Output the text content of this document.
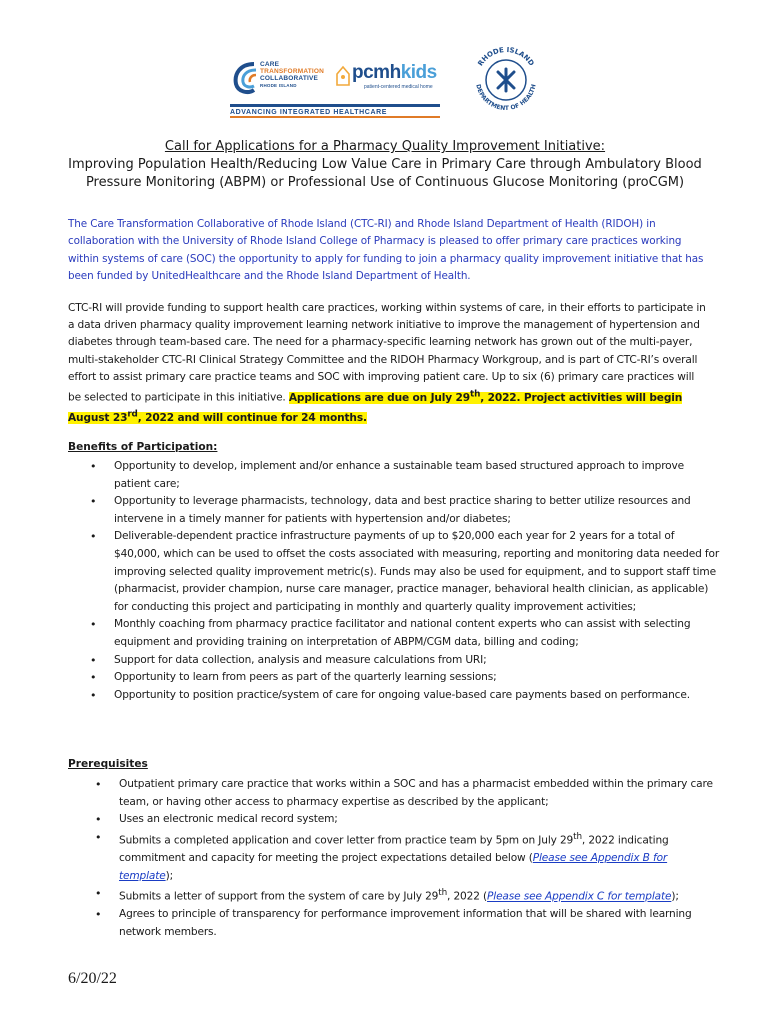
CARE
TRANSFORMATION
COLLABORATIVE
RHODE ISLAND
ADVANCING INTEGRATED HEALTHCARE
pcmhkids
patient-centered medical home
RHODE ISLAND
DEPARTMENT OF HEALTH
Call for Applications for a Pharmacy Quality Improvement Initiative:
Improving Population Health/Reducing Low Value Care in Primary Care through Ambulatory Blood Pressure Monitoring (ABPM) or Professional Use of Continuous Glucose Monitoring (proCGM)
The Care Transformation Collaborative of Rhode Island (CTC-RI) and Rhode Island Department of Health (RIDOH) in collaboration with the University of Rhode Island College of Pharmacy is pleased to offer primary care practices working within systems of care (SOC) the opportunity to apply for funding to join a pharmacy quality improvement initiative that has been funded by UnitedHealthcare and the Rhode Island Department of Health.
CTC-RI will provide funding to support health care practices, working within systems of care, in their efforts to participate in a data driven pharmacy quality improvement learning network initiative to improve the management of hypertension and diabetes through team-based care. The need for a pharmacy-specific learning network has grown out of the multi-payer, multi-stakeholder CTC-RI Clinical Strategy Committee and the RIDOH Pharmacy Workgroup, and is part of CTC-RI’s overall effort to assist primary care practice teams and SOC with improving patient care. Up to six (6) primary care practices will be selected to participate in this initiative. Applications are due on July 29th, 2022. Project activities will begin August 23rd, 2022 and will continue for 24 months.
Benefits of Participation:
• Opportunity to develop, implement and/or enhance a sustainable team based structured approach to improve patient care;
• Opportunity to leverage pharmacists, technology, data and best practice sharing to better utilize resources and intervene in a timely manner for patients with hypertension and/or diabetes;
• Deliverable-dependent practice infrastructure payments of up to $20,000 each year for 2 years for a total of $40,000, which can be used to offset the costs associated with measuring, reporting and monitoring data needed for improving selected quality improvement metric(s). Funds may also be used for equipment, and to support staff time (pharmacist, provider champion, nurse care manager, practice manager, behavioral health clinician, as applicable) for conducting this project and participating in monthly and quarterly quality improvement activities;
• Monthly coaching from pharmacy practice facilitator and national content experts who can assist with selecting equipment and providing training on interpretation of ABPM/CGM data, billing and coding;
• Support for data collection, analysis and measure calculations from URI;
• Opportunity to learn from peers as part of the quarterly learning sessions;
• Opportunity to position practice/system of care for ongoing value-based care payments based on performance.
Prerequisites
• Outpatient primary care practice that works within a SOC and has a pharmacist embedded within the primary care team, or having other access to pharmacy expertise as described by the applicant;
• Uses an electronic medical record system;
• Submits a completed application and cover letter from practice team by 5pm on July 29th, 2022 indicating commitment and capacity for meeting the project expectations detailed below (Please see Appendix B for template);
• Submits a letter of support from the system of care by July 29th, 2022 (Please see Appendix C for template);
• Agrees to principle of transparency for performance improvement information that will be shared with learning network members.
6/20/22
